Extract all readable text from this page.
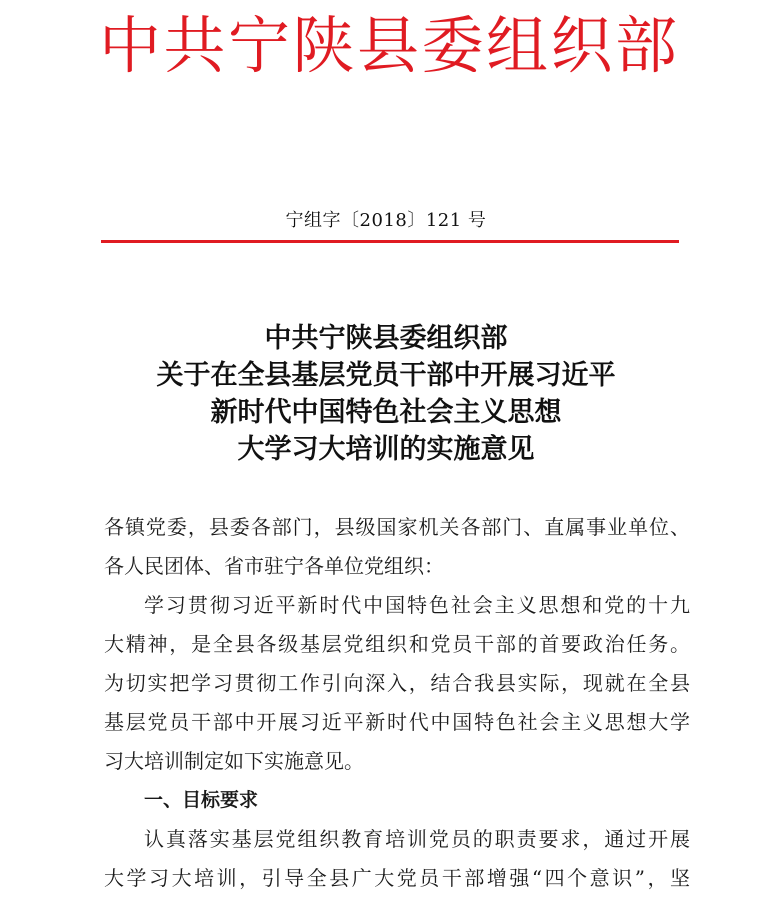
中 共 宁 陕 县 委 组 织 部
宁组字〔2018〕121 号
中共宁陕县委组织部
关于在全县基层党员干部中开展习近平
新时代中国特色社会主义思想
大学习大培训的实施意见

各镇党委，县委各部门，县级国家机关各部门、直属事业单位、
各人民团体、省市驻宁各单位党组织：

学习贯彻习近平新时代中国特色社会主义思想和党的十九
大精神，是全县各级基层党组织和党员干部的首要政治任务。
为切实把学习贯彻工作引向深入，结合我县实际，现就在全县
基层党员干部中开展习近平新时代中国特色社会主义思想大学
习大培训制定如下实施意见。

一、目标要求

认真落实基层党组织教育培训党员的职责要求，通过开展
大学习大培训，引导全县广大党员干部增强“四个意识”，坚
